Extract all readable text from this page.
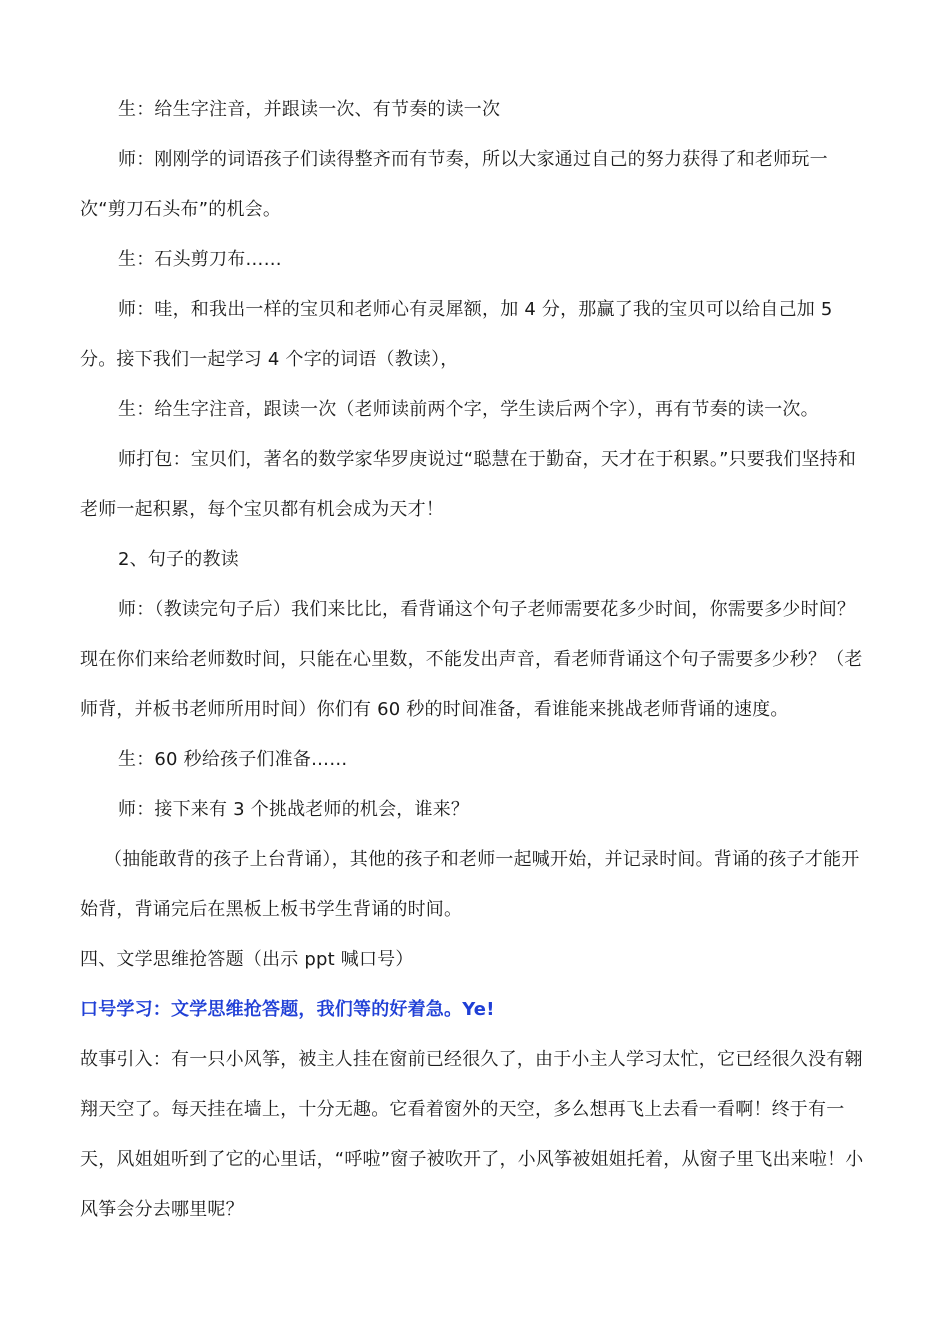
生：给生字注音，并跟读一次、有节奏的读一次

师：刚刚学的词语孩子们读得整齐而有节奏，所以大家通过自己的努力获得了和老师玩一次“剪刀石头布”的机会。

生：石头剪刀布……

师：哇，和我出一样的宝贝和老师心有灵犀额，加 4 分，那赢了我的宝贝可以给自己加 5 分。接下我们一起学习 4 个字的词语（教读），

生：给生字注音，跟读一次（老师读前两个字，学生读后两个字），再有节奏的读一次。

师打包：宝贝们，著名的数学家华罗庚说过“聪慧在于勤奋，天才在于积累。”只要我们坚持和老师一起积累，每个宝贝都有机会成为天才！

2、句子的教读

师：（教读完句子后）我们来比比，看背诵这个句子老师需要花多少时间，你需要多少时间？现在你们来给老师数时间，只能在心里数，不能发出声音，看老师背诵这个句子需要多少秒？（老师背，并板书老师所用时间）你们有 60 秒的时间准备，看谁能来挑战老师背诵的速度。

生：60 秒给孩子们准备……

师：接下来有 3 个挑战老师的机会，谁来？

（抽能敢背的孩子上台背诵），其他的孩子和老师一起喊开始，并记录时间。背诵的孩子才能开始背，背诵完后在黑板上板书学生背诵的时间。

四、文学思维抢答题（出示 ppt 喊口号）

口号学习：文学思维抢答题，我们等的好着急。Ye!

故事引入：有一只小风筝，被主人挂在窗前已经很久了，由于小主人学习太忙，它已经很久没有翱翔天空了。每天挂在墙上，十分无趣。它看着窗外的天空，多么想再飞上去看一看啊！终于有一天，风姐姐听到了它的心里话，“呼啦”窗子被吹开了，小风筝被姐姐托着，从窗子里飞出来啦！小风筝会分去哪里呢？
